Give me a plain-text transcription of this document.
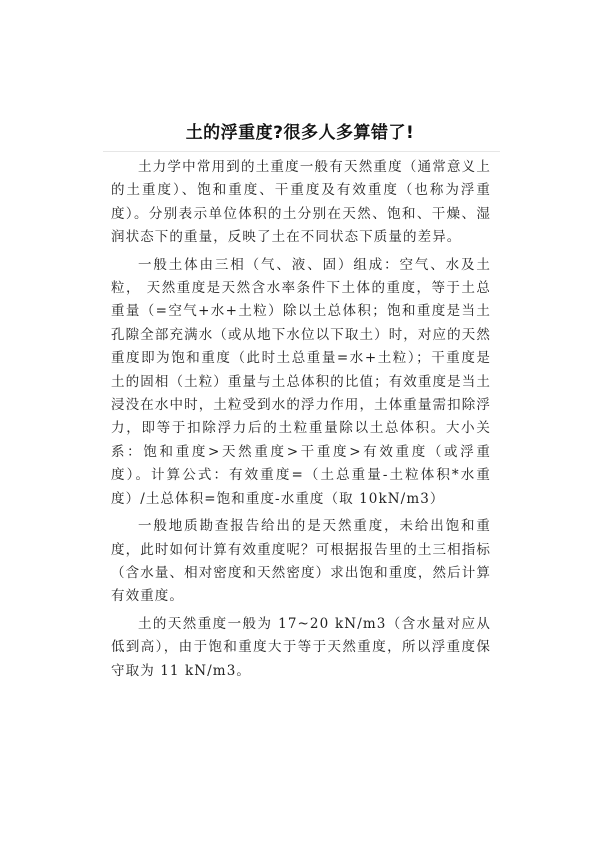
土的浮重度?很多人多算错了!

土力学中常用到的土重度一般有天然重度（通常意义上的土重度）、饱和重度、干重度及有效重度（也称为浮重度）。分别表示单位体积的土分别在天然、饱和、干燥、湿润状态下的重量，反映了土在不同状态下质量的差异。

一般土体由三相（气、液、固）组成：空气、水及土粒， 天然重度是天然含水率条件下土体的重度，等于土总重量（=空气+水+土粒）除以土总体积；饱和重度是当土孔隙全部充满水（或从地下水位以下取土）时，对应的天然重度即为饱和重度（此时土总重量=水+土粒）；干重度是土的固相（土粒）重量与土总体积的比值；有效重度是当土浸没在水中时，土粒受到水的浮力作用，土体重量需扣除浮力，即等于扣除浮力后的土粒重量除以土总体积。大小关系：饱和重度>天然重度>干重度>有效重度（或浮重度）。计算公式：有效重度=（土总重量-土粒体积*水重度）/土总体积=饱和重度-水重度（取 10kN/m3）

一般地质勘查报告给出的是天然重度，未给出饱和重度，此时如何计算有效重度呢？可根据报告里的土三相指标（含水量、相对密度和天然密度）求出饱和重度，然后计算有效重度。

土的天然重度一般为 17~20 kN/m3（含水量对应从低到高），由于饱和重度大于等于天然重度，所以浮重度保守取为 11 kN/m3。
